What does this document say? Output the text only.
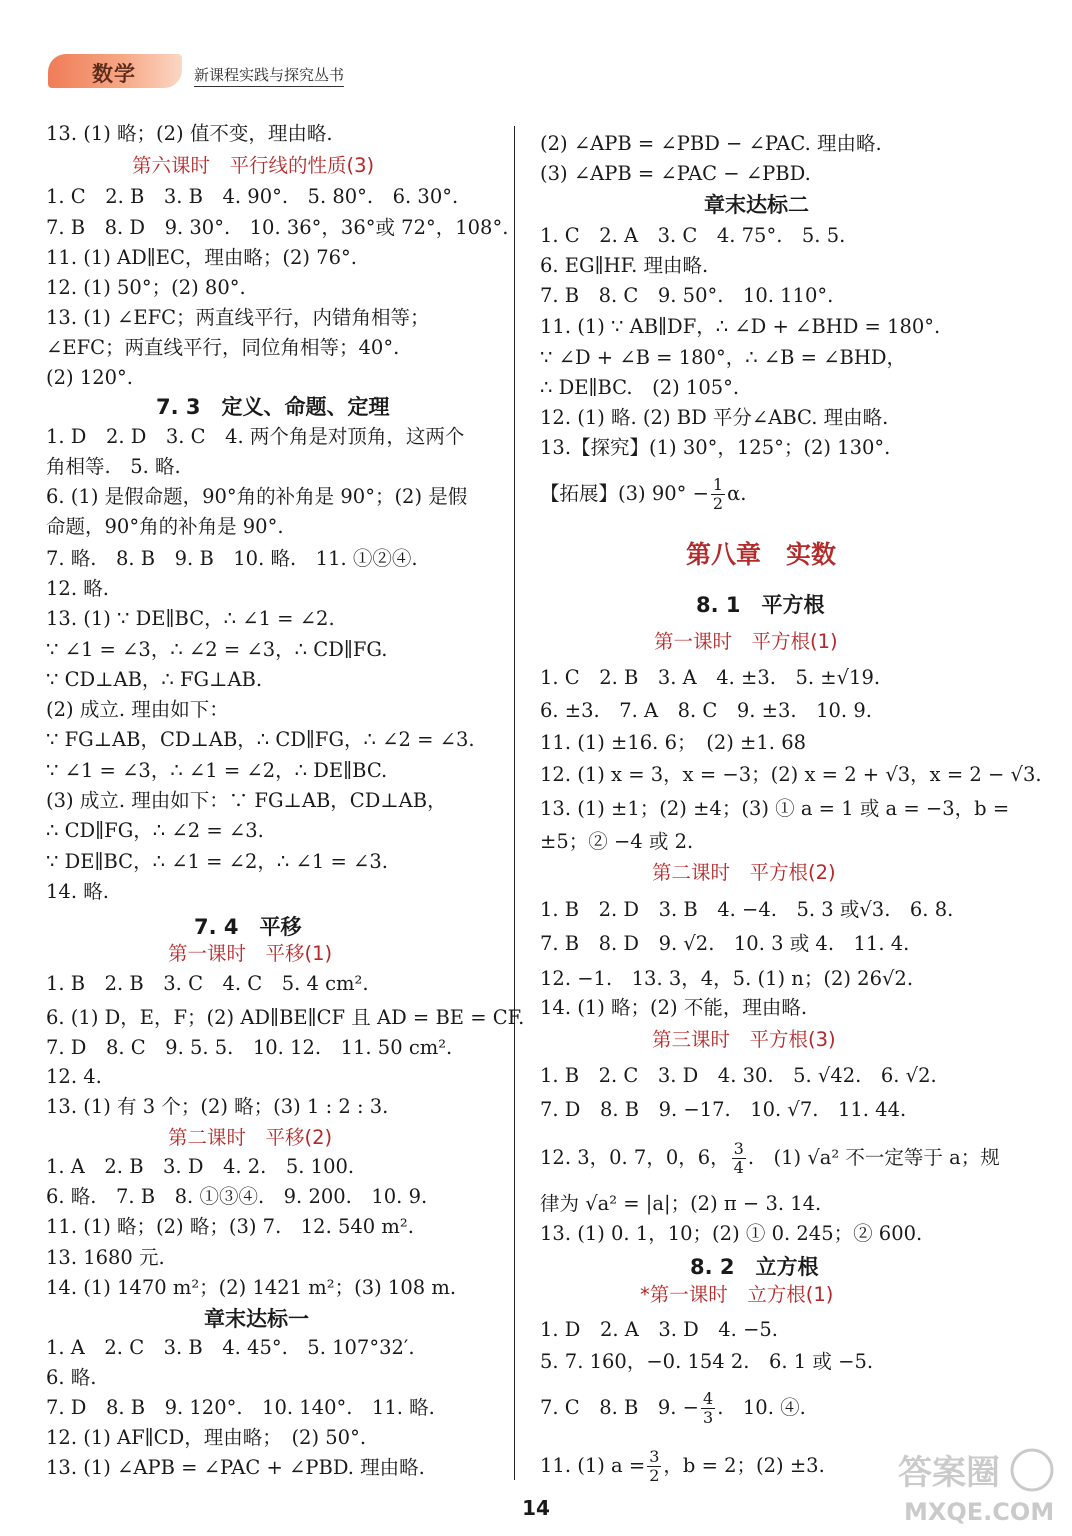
数学	新课程实践与探究丛书
13. (1) 略；(2) 值不变，理由略.
第六课时　平行线的性质(3)
1. C　2. B　3. B　4. 90°.　5. 80°.　6. 30°.
7. B　8. D　9. 30°.　10. 36°，36°或 72°，108°.
11. (1) AD∥EC，理由略；(2) 76°.
12. (1) 50°；(2) 80°.
13. (1) ∠EFC；两直线平行，内错角相等；
∠EFC；两直线平行，同位角相等；40°.
(2) 120°.
7. 3　定义、命题、定理
1. D　2. D　3. C　4. 两个角是对顶角，这两个
角相等.　5. 略.
6. (1) 是假命题，90°角的补角是 90°；(2) 是假
命题，90°角的补角是 90°.
7. 略.　8. B　9. B　10. 略.　11. ①②④.
12. 略.
13. (1) ∵ DE∥BC，∴ ∠1 = ∠2.
∵ ∠1 = ∠3，∴ ∠2 = ∠3，∴ CD∥FG.
∵ CD⊥AB，∴ FG⊥AB.
(2) 成立. 理由如下：
∵ FG⊥AB，CD⊥AB，∴ CD∥FG，∴ ∠2 = ∠3.
∵ ∠1 = ∠3，∴ ∠1 = ∠2，∴ DE∥BC.
(3) 成立. 理由如下：∵ FG⊥AB，CD⊥AB，
∴ CD∥FG，∴ ∠2 = ∠3.
∵ DE∥BC，∴ ∠1 = ∠2，∴ ∠1 = ∠3.
14. 略.
7. 4　平移
第一课时　平移(1)
1. B　2. B　3. C　4. C　5. 4 cm².
6. (1) D，E，F；(2) AD∥BE∥CF 且 AD = BE = CF.
7. D　8. C　9. 5. 5.　10. 12.　11. 50 cm².
12. 4.
13. (1) 有 3 个；(2) 略；(3) 1 : 2 : 3.
第二课时　平移(2)
1. A　2. B　3. D　4. 2.　5. 100.
6. 略.　7. B　8. ①③④.　9. 200.　10. 9.
11. (1) 略；(2) 略；(3) 7.　12. 540 m².
13. 1680 元.
14. (1) 1470 m²；(2) 1421 m²；(3) 108 m.
章末达标一
1. A　2. C　3. B　4. 45°.　5. 107°32′.
6. 略.
7. D　8. B　9. 120°.　10. 140°.　11. 略.
12. (1) AF∥CD，理由略；　(2) 50°.
13. (1) ∠APB = ∠PAC + ∠PBD. 理由略.
(2) ∠APB = ∠PBD − ∠PAC. 理由略.
(3) ∠APB = ∠PAC − ∠PBD.
章末达标二
1. C　2. A　3. C　4. 75°.　5. 5.
6. EG∥HF. 理由略.
7. B　8. C　9. 50°.　10. 110°.
11. (1) ∵ AB∥DF，∴ ∠D + ∠BHD = 180°.
∵ ∠D + ∠B = 180°，∴ ∠B = ∠BHD，
∴ DE∥BC.　(2) 105°.
12. (1) 略. (2) BD 平分∠ABC. 理由略.
13.【探究】(1) 30°，125°；(2) 130°.
【拓展】(3) $90^\circ - \frac{1}{2} \alpha$.
第八章　实数
8. 1　平方根
第一课时　平方根(1)
1. C　2. B　3. A　4. ±3.　5. ±√19.
6. ±3.　7. A　8. C　9. ±3.　10. 9.
11. (1) ±16. 6；　(2) ±1. 68
12. (1) x = 3，x = −3；(2) x = 2 + √3，x = 2 − √3.
13. (1) ±1；(2) ±4；(3) ① a = 1 或 a = −3，b =
±5；② −4 或 2.
第二课时　平方根(2)
1. B　2. D　3. B　4. −4.　5. 3 或√3.　6. 8.
7. B　8. D　9. √2.　10. 3 或 4.　11. 4.
12. −1.　13. 3，4，5. (1) n；(2) 26√2.
14. (1) 略；(2) 不能，理由略.
第三课时　平方根(3)
1. B　2. C　3. D　4. 30.　5. √42.　6. √2.
7. D　8. B　9. −17.　10. √7.　11. 44.
12. 3，0. 7，0，6， $\frac{3}{4}$ .　(1) √a² 不一定等于 a；规
律为 √a² = |a|；(2) π − 3. 14.
13. (1) 0. 1，10；(2) ① 0. 245；② 600.
8. 2　立方根
*第一课时　立方根(1)
1. D　2. A　3. D　4. −5.
5. 7. 160，−0. 154 2.　6. 1 或 −5.
7. C　8. B　9. − $\frac{4}{3}$ .　10. ④.
11. (1) $a = \frac{3}{2}$ ，b = 2；(2) ±3.
14
答案圈
MXQE.COM
